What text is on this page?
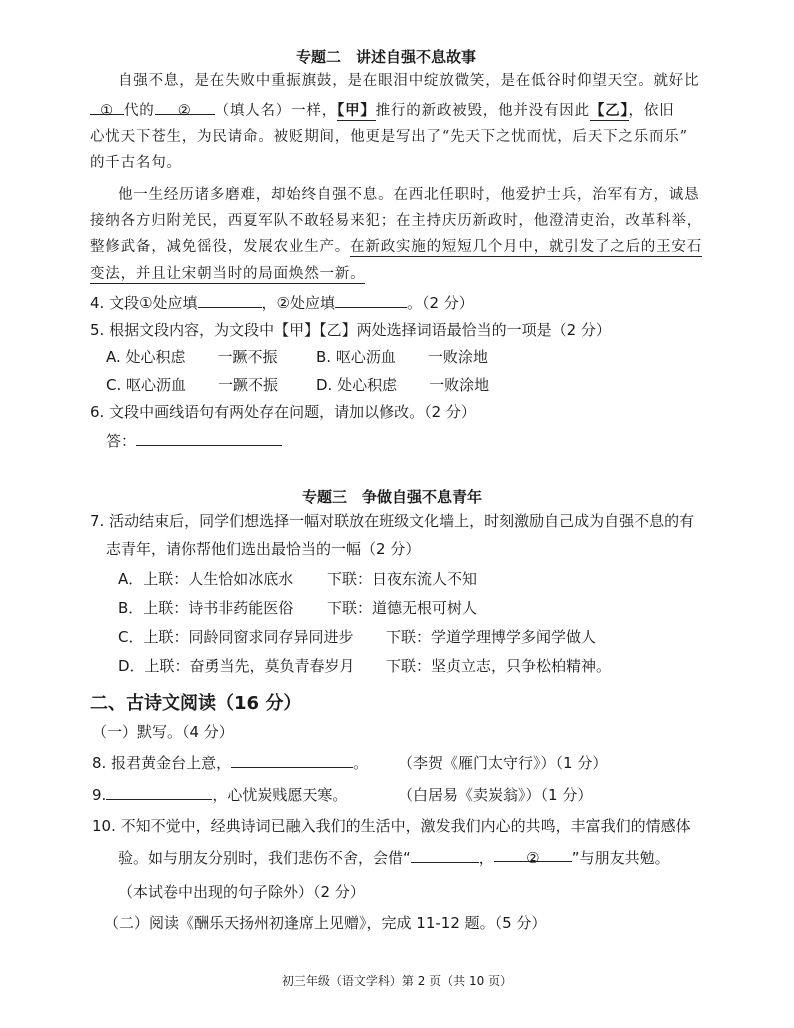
专题二　讲述自强不息故事
自强不息，是在失败中重振旗鼓，是在眼泪中绽放微笑，是在低谷时仰望天空。就好比
① 代的 ② （填人名）一样，【甲】推行的新政被毁，他并没有因此【乙】，依旧
心忧天下苍生，为民请命。被贬期间，他更是写出了“先天下之忧而忧，后天下之乐而乐”
的千古名句。
他一生经历诸多磨难，却始终自强不息。在西北任职时，他爱护士兵，治军有方，诚恳
接纳各方归附羌民，西夏军队不敢轻易来犯；在主持庆历新政时，他澄清吏治，改革科举，
整修武备，减免徭役，发展农业生产。在新政实施的短短几个月中，就引发了之后的王安石
变法，并且让宋朝当时的局面焕然一新。
4. 文段①处应填	，②处应填	。（2 分）
5. 根据文段内容，为文段中【甲】【乙】两处选择词语最恰当的一项是（2 分）
A. 处心积虑 一蹶不振	B. 呕心沥血 一败涂地
C. 呕心沥血 一蹶不振	D. 处心积虑 一败涂地
6. 文段中画线语句有两处存在问题，请加以修改。（2 分）
答：
专题三　争做自强不息青年
7. 活动结束后，同学们想选择一幅对联放在班级文化墙上，时刻激励自己成为自强不息的有
志青年，请你帮他们选出最恰当的一幅（2 分）
A．上联：人生恰如冰底水 下联：日夜东流人不知
B．上联：诗书非药能医俗 下联：道德无根可树人
C．上联：同龄同窗求同存异同进步 下联：学道学理博学多闻学做人
D．上联：奋勇当先，莫负青春岁月 下联：坚贞立志，只争松柏精神。
二、古诗文阅读（16 分）
（一）默写。（4 分）
8. 报君黄金台上意，	。 （李贺《雁门太守行》）（1 分）
9.	，心忧炭贱愿天寒。	（白居易《卖炭翁》）（1 分）
10. 不知不觉中，经典诗词已融入我们的生活中，激发我们内心的共鸣，丰富我们的情感体
验。如与朋友分别时，我们悲伤不舍，会借“	， ② ”与朋友共勉。
（本试卷中出现的句子除外）（2 分）
（二）阅读《酬乐天扬州初逢席上见赠》，完成 11-12 题。（5 分）
初三年级（语文学科）第 2 页（共 10 页）
